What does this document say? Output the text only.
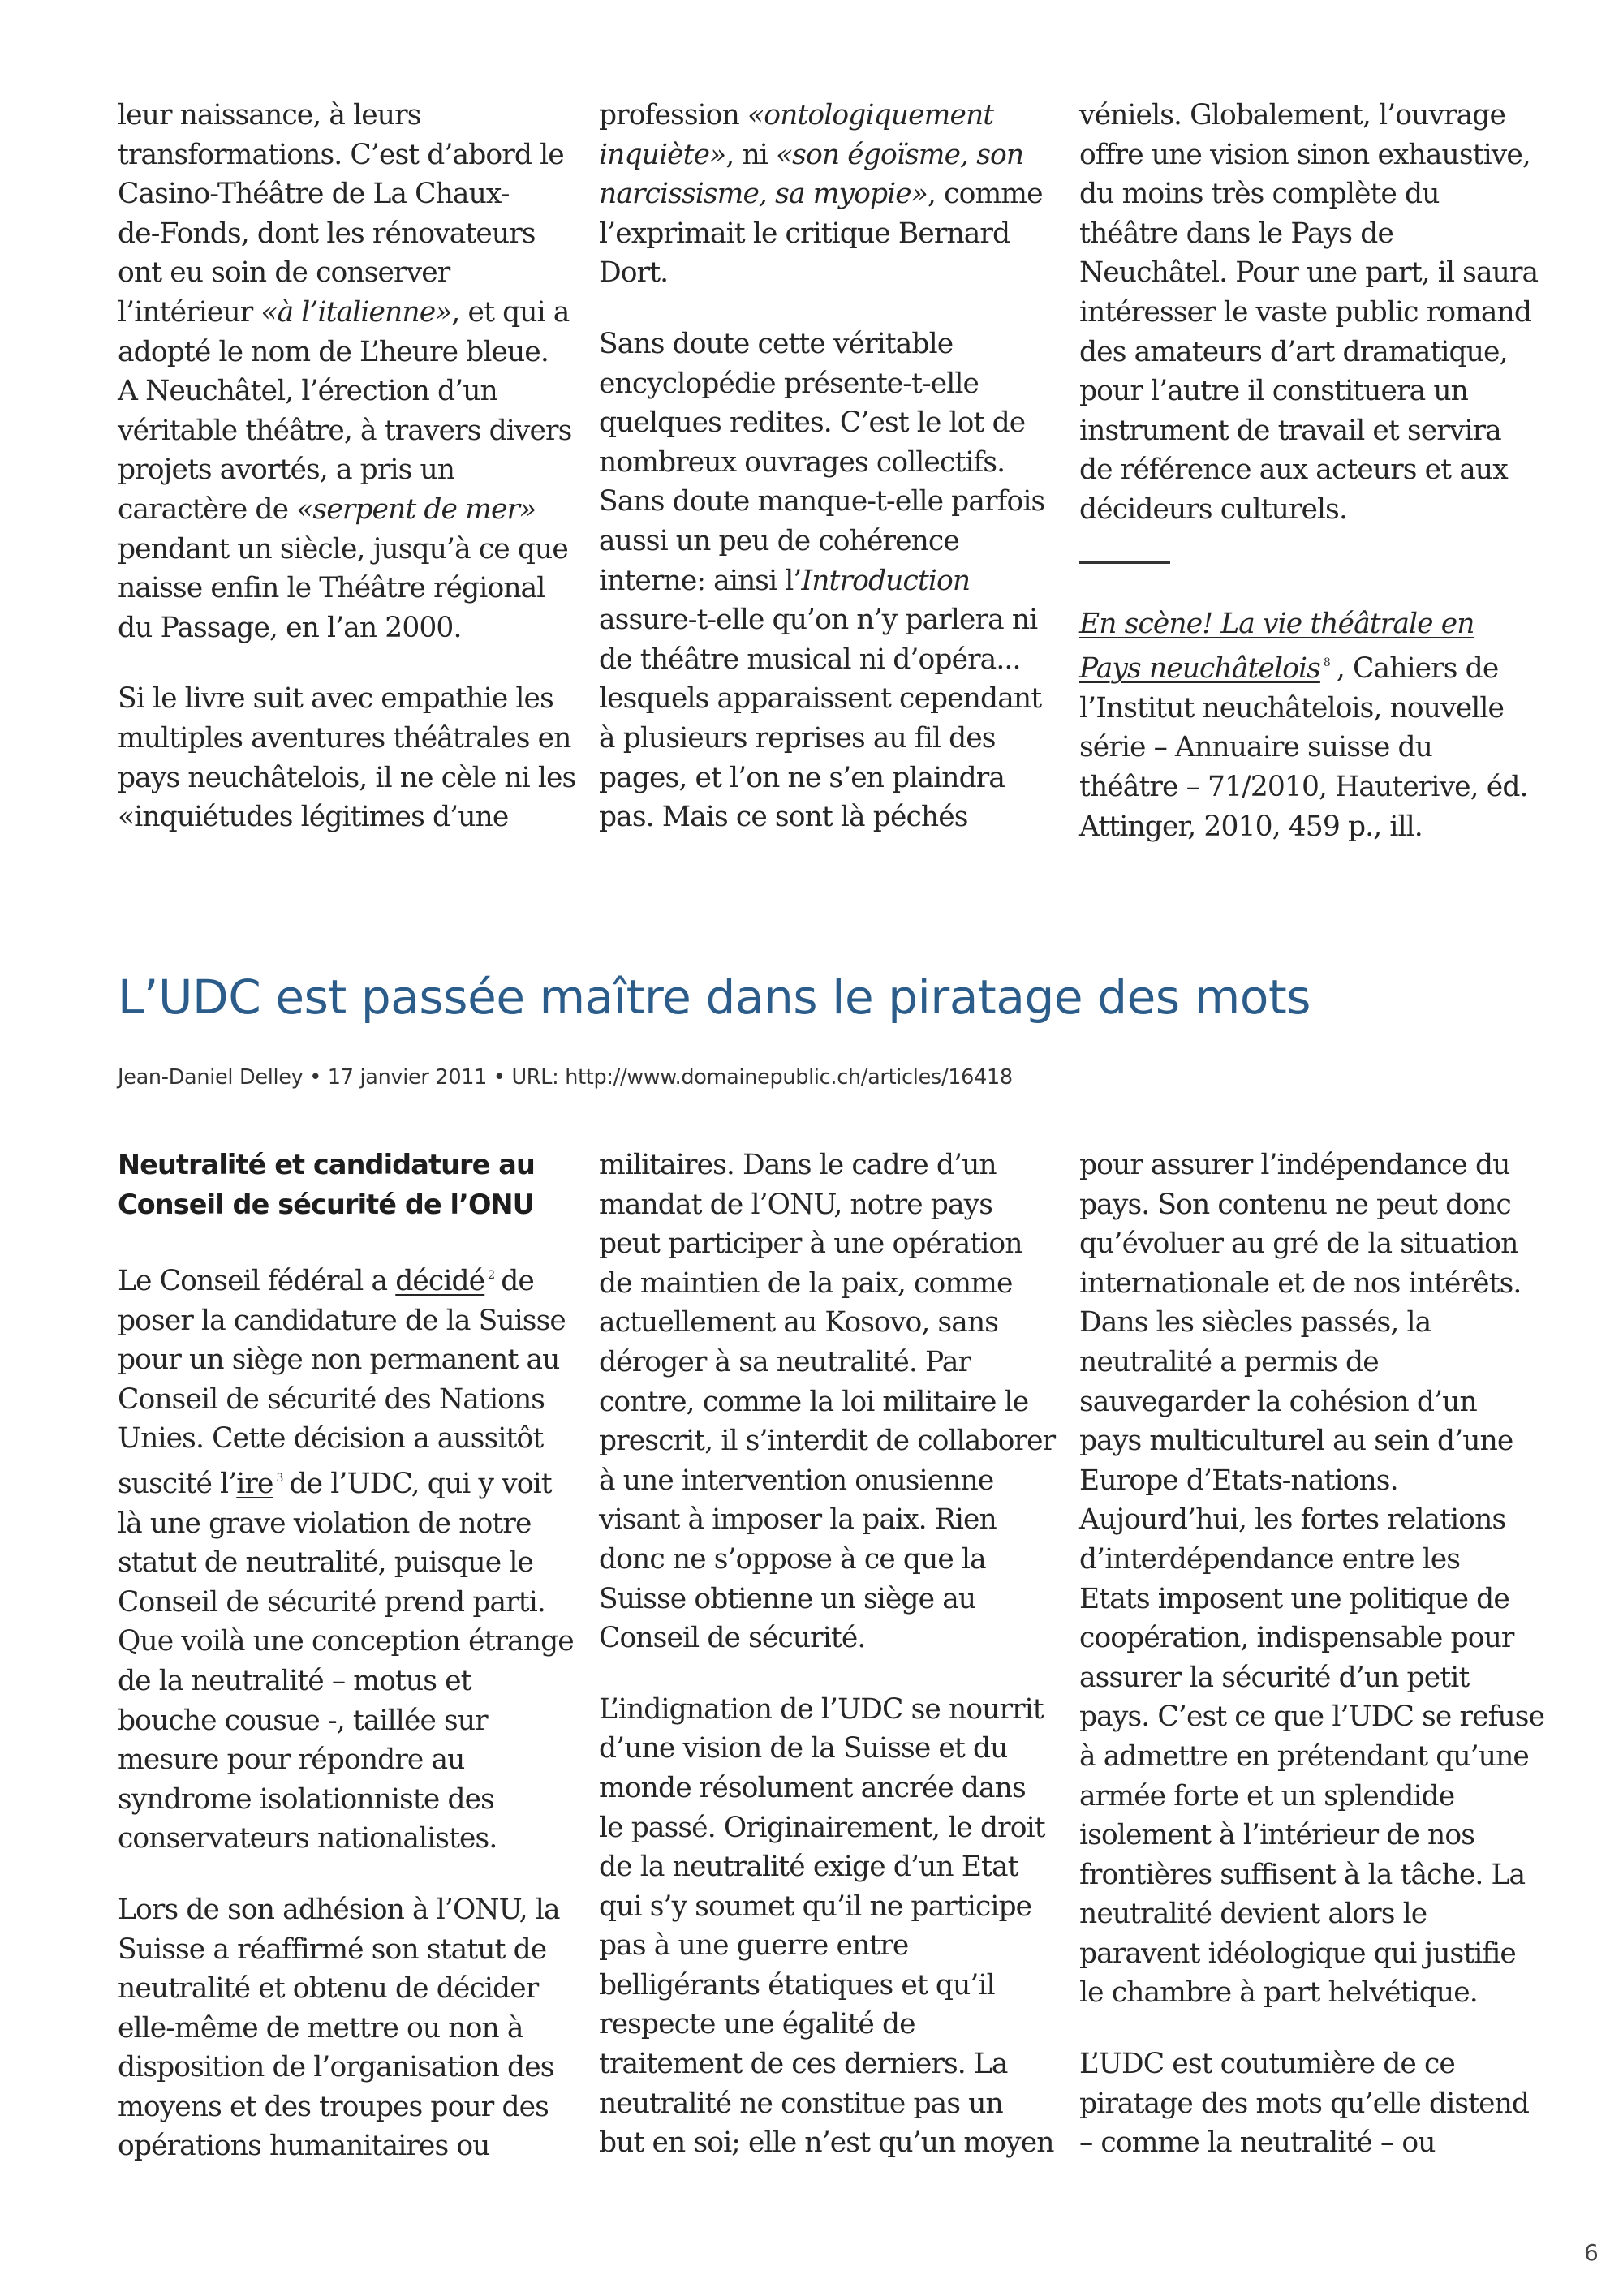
leur naissance, à leurs
transformations. C’est d’abord le
Casino-Théâtre de La Chaux-
de-Fonds, dont les rénovateurs
ont eu soin de conserver
l’intérieur «à l’italienne», et qui a
adopté le nom de L’heure bleue.
A Neuchâtel, l’érection d’un
véritable théâtre, à travers divers
projets avortés, a pris un
caractère de «serpent de mer»
pendant un siècle, jusqu’à ce que
naisse enfin le Théâtre régional
du Passage, en l’an 2000.

Si le livre suit avec empathie les
multiples aventures théâtrales en
pays neuchâtelois, il ne cèle ni les
«inquiétudes légitimes d’une

profession «ontologiquement
inquiète», ni «son égoïsme, son
narcissisme, sa myopie», comme
l’exprimait le critique Bernard
Dort.

Sans doute cette véritable
encyclopédie présente-t-elle
quelques redites. C’est le lot de
nombreux ouvrages collectifs.
Sans doute manque-t-elle parfois
aussi un peu de cohérence
interne: ainsi l’Introduction
assure-t-elle qu’on n’y parlera ni
de théâtre musical ni d’opéra...
lesquels apparaissent cependant
à plusieurs reprises au fil des
pages, et l’on ne s’en plaindra
pas. Mais ce sont là péchés

véniels. Globalement, l’ouvrage
offre une vision sinon exhaustive,
du moins très complète du
théâtre dans le Pays de
Neuchâtel. Pour une part, il saura
intéresser le vaste public romand
des amateurs d’art dramatique,
pour l’autre il constituera un
instrument de travail et servira
de référence aux acteurs et aux
décideurs culturels.

En scène! La vie théâtrale en
Pays neuchâtelois $^8$ , Cahiers de
l’Institut neuchâtelois, nouvelle
série – Annuaire suisse du
théâtre – 71/2010, Hauterive, éd.
Attinger, 2010, 459 p., ill.

L’UDC est passée maître dans le piratage des mots
Jean-Daniel Delley • 17 janvier 2011 • URL: http://www.domainepublic.ch/articles/16418
Neutralité et candidature au
Conseil de sécurité de l’ONU

Le Conseil fédéral a décidé $^2$ de
poser la candidature de la Suisse
pour un siège non permanent au
Conseil de sécurité des Nations
Unies. Cette décision a aussitôt
suscité l’ire $^3$ de l’UDC, qui y voit
là une grave violation de notre
statut de neutralité, puisque le
Conseil de sécurité prend parti.
Que voilà une conception étrange
de la neutralité – motus et
bouche cousue -, taillée sur
mesure pour répondre au
syndrome isolationniste des
conservateurs nationalistes.

Lors de son adhésion à l’ONU, la
Suisse a réaffirmé son statut de
neutralité et obtenu de décider
elle-même de mettre ou non à
disposition de l’organisation des
moyens et des troupes pour des
opérations humanitaires ou

militaires. Dans le cadre d’un
mandat de l’ONU, notre pays
peut participer à une opération
de maintien de la paix, comme
actuellement au Kosovo, sans
déroger à sa neutralité. Par
contre, comme la loi militaire le
prescrit, il s’interdit de collaborer
à une intervention onusienne
visant à imposer la paix. Rien
donc ne s’oppose à ce que la
Suisse obtienne un siège au
Conseil de sécurité.

L’indignation de l’UDC se nourrit
d’une vision de la Suisse et du
monde résolument ancrée dans
le passé. Originairement, le droit
de la neutralité exige d’un Etat
qui s’y soumet qu’il ne participe
pas à une guerre entre
belligérants étatiques et qu’il
respecte une égalité de
traitement de ces derniers. La
neutralité ne constitue pas un
but en soi; elle n’est qu’un moyen

pour assurer l’indépendance du
pays. Son contenu ne peut donc
qu’évoluer au gré de la situation
internationale et de nos intérêts.
Dans les siècles passés, la
neutralité a permis de
sauvegarder la cohésion d’un
pays multiculturel au sein d’une
Europe d’Etats-nations.
Aujourd’hui, les fortes relations
d’interdépendance entre les
Etats imposent une politique de
coopération, indispensable pour
assurer la sécurité d’un petit
pays. C’est ce que l’UDC se refuse
à admettre en prétendant qu’une
armée forte et un splendide
isolement à l’intérieur de nos
frontières suffisent à la tâche. La
neutralité devient alors le
paravent idéologique qui justifie
le chambre à part helvétique.

L’UDC est coutumière de ce
piratage des mots qu’elle distend
– comme la neutralité – ou

6
